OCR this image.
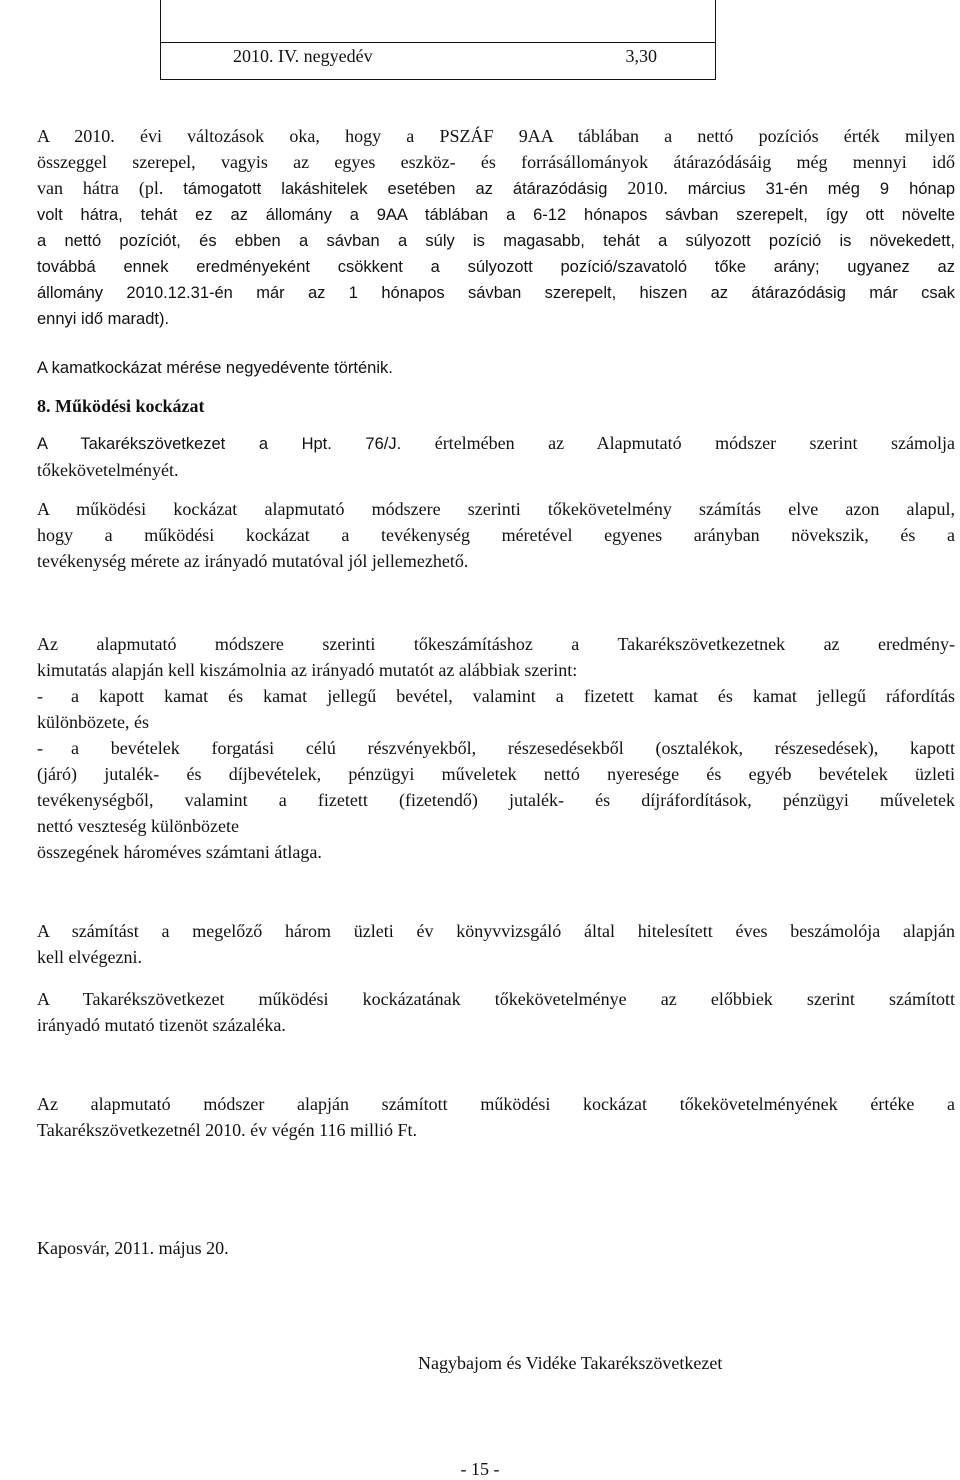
2010. IV. negyedév	3,30
A 2010. évi változások oka, hogy a PSZÁF 9AA táblában a nettó pozíciós érték milyen
összeggel szerepel, vagyis az egyes eszköz- és forrásállományok átárazódásáig még mennyi idő
van hátra (pl. támogatott lakáshitelek esetében az átárazódásig 2010. március 31-én még 9 hónap
volt hátra, tehát ez az állomány a 9AA táblában a 6-12 hónapos sávban szerepelt, így ott növelte
a nettó pozíciót, és ebben a sávban a súly is magasabb, tehát a súlyozott pozíció is növekedett,
továbbá ennek eredményeként csökkent a súlyozott pozíció/szavatoló tőke arány; ugyanez az
állomány 2010.12.31-én már az 1 hónapos sávban szerepelt, hiszen az átárazódásig már csak
ennyi idő maradt).
A kamatkockázat mérése negyedévente történik.
8. Működési kockázat
A Takarékszövetkezet a Hpt. 76/J. értelmében az Alapmutató módszer szerint számolja
tőkekövetelményét.
A működési kockázat alapmutató módszere szerinti tőkekövetelmény számítás elve azon alapul,
hogy a működési kockázat a tevékenység méretével egyenes arányban növekszik, és a
tevékenység mérete az irányadó mutatóval jól jellemezhető.
Az alapmutató módszere szerinti tőkeszámításhoz a Takarékszövetkezetnek az eredmény-
kimutatás alapján kell kiszámolnia az irányadó mutatót az alábbiak szerint:
- a kapott kamat és kamat jellegű bevétel, valamint a fizetett kamat és kamat jellegű ráfordítás
különbözete, és
- a bevételek forgatási célú részvényekből, részesedésekből (osztalékok, részesedések), kapott
(járó) jutalék- és díjbevételek, pénzügyi műveletek nettó nyeresége és egyéb bevételek üzleti
tevékenységből, valamint a fizetett (fizetendő) jutalék- és díjráfordítások, pénzügyi műveletek
nettó veszteség különbözete
összegének hároméves számtani átlaga.
A számítást a megelőző három üzleti év könyvvizsgáló által hitelesített éves beszámolója alapján
kell elvégezni.
A Takarékszövetkezet működési kockázatának tőkekövetelménye az előbbiek szerint számított
irányadó mutató tizenöt százaléka.
Az alapmutató módszer alapján számított működési kockázat tőkekövetelményének értéke a
Takarékszövetkezetnél 2010. év végén 116 millió Ft.
Kaposvár, 2011. május 20.
Nagybajom és Vidéke Takarékszövetkezet
- 15 -
